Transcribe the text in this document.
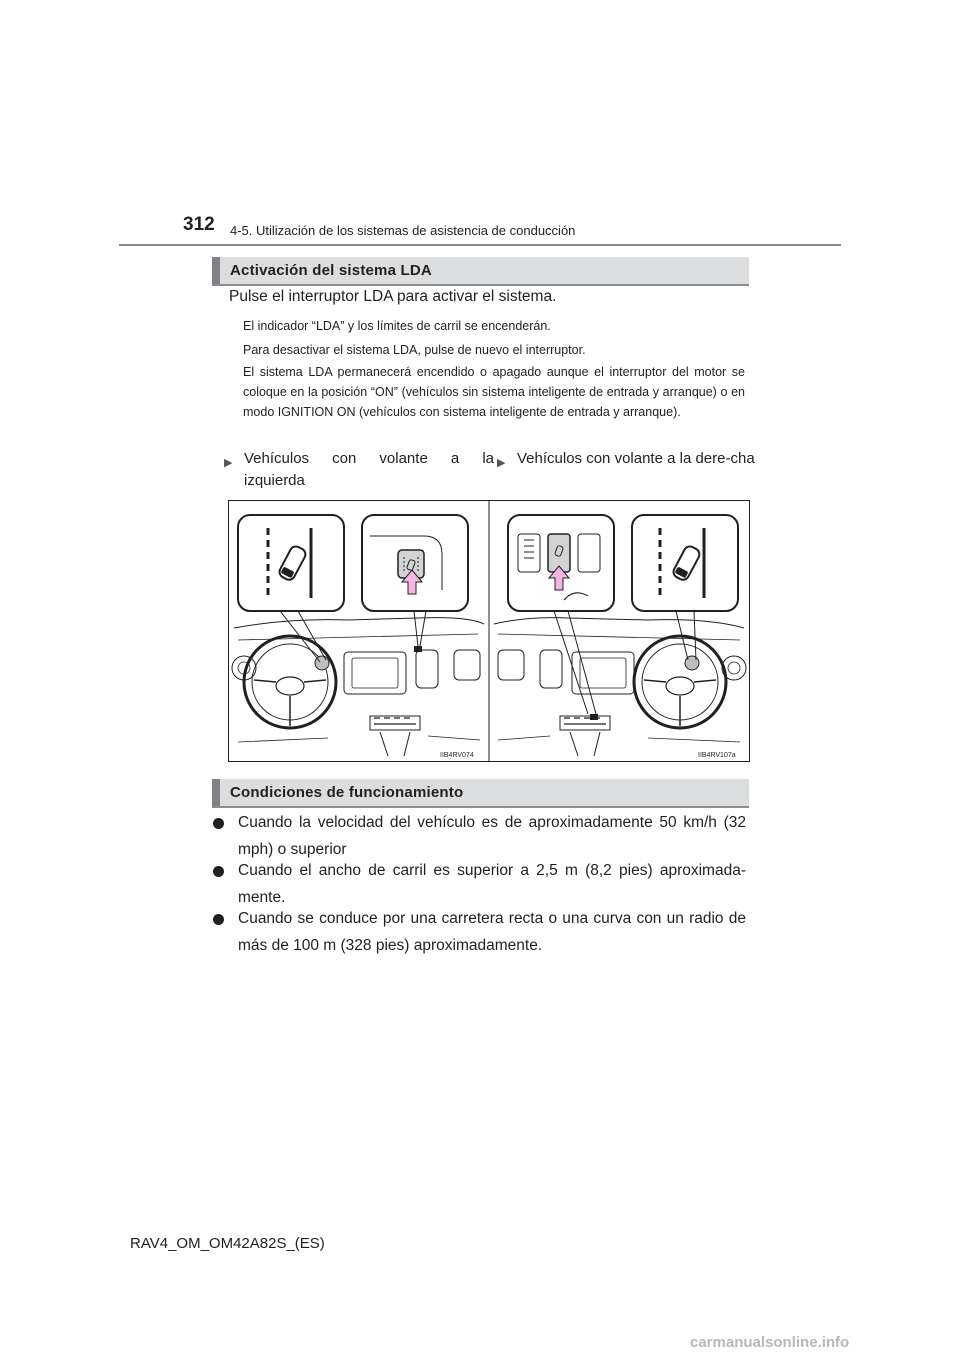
312 4-5. Utilización de los sistemas de asistencia de conducción
Activación del sistema LDA
Pulse el interruptor LDA para activar el sistema.
El indicador “LDA” y los límites de carril se encenderán.
Para desactivar el sistema LDA, pulse de nuevo el interruptor.
El sistema LDA permanecerá encendido o apagado aunque el interruptor del motor se coloque en la posición “ON” (vehículos sin sistema inteligente de entrada y arranque) o en modo IGNITION ON (vehículos con sistema inteligente de entrada y arranque).
▶ Vehículos con volante a la
izquierda
▶ Vehículos con volante a la dere-cha
IIB4RV074	IIB4RV107a
Condiciones de funcionamiento
Cuando la velocidad del vehículo es de aproximadamente 50 km/h (32 mph) o superior
Cuando el ancho de carril es superior a 2,5 m (8,2 pies) aproximada-mente.
Cuando se conduce por una carretera recta o una curva con un radio de más de 100 m (328 pies) aproximadamente.
RAV4_OM_OM42A82S_(ES)
carmanualsonline.info
